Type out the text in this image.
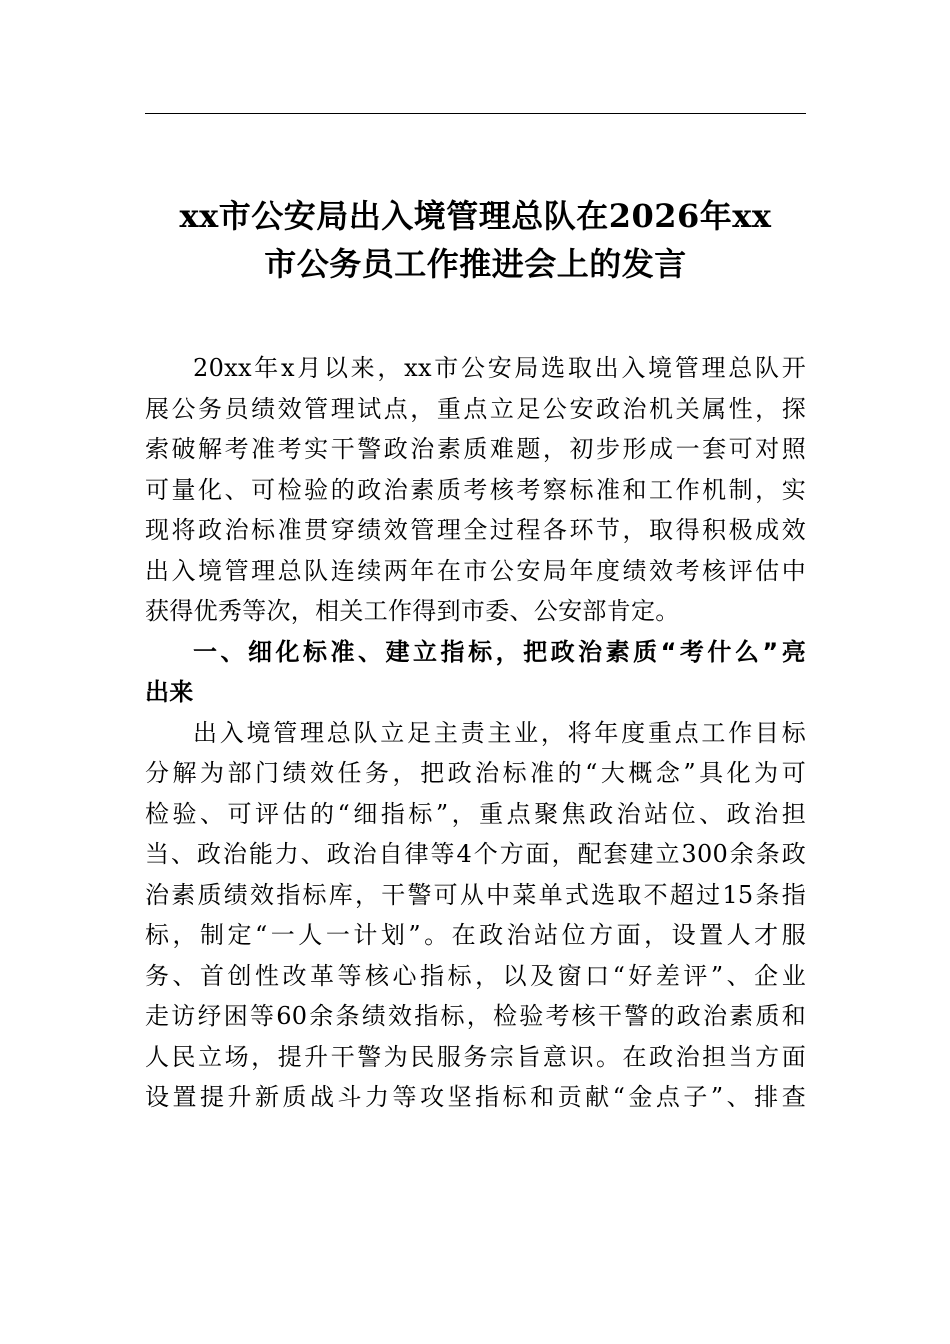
xx市公安局出入境管理总队在2026年xx
市公务员工作推进会上的发言
20xx年x月以来，xx市公安局选取出入境管理总队开
展公务员绩效管理试点，重点立足公安政治机关属性，探
索破解考准考实干警政治素质难题，初步形成一套可对照
可量化、可检验的政治素质考核考察标准和工作机制，实
现将政治标准贯穿绩效管理全过程各环节，取得积极成效
出入境管理总队连续两年在市公安局年度绩效考核评估中
获得优秀等次，相关工作得到市委、公安部肯定。
一、细化标准、建立指标，把政治素质“考什么”亮
出来
出入境管理总队立足主责主业，将年度重点工作目标
分解为部门绩效任务，把政治标准的“大概念”具化为可
检验、可评估的“细指标”，重点聚焦政治站位、政治担
当、政治能力、政治自律等4个方面，配套建立300余条政
治素质绩效指标库，干警可从中菜单式选取不超过15条指
标，制定“一人一计划”。在政治站位方面，设置人才服
务、首创性改革等核心指标，以及窗口“好差评”、企业
走访纾困等60余条绩效指标，检验考核干警的政治素质和
人民立场，提升干警为民服务宗旨意识。在政治担当方面
设置提升新质战斗力等攻坚指标和贡献“金点子”、排查
